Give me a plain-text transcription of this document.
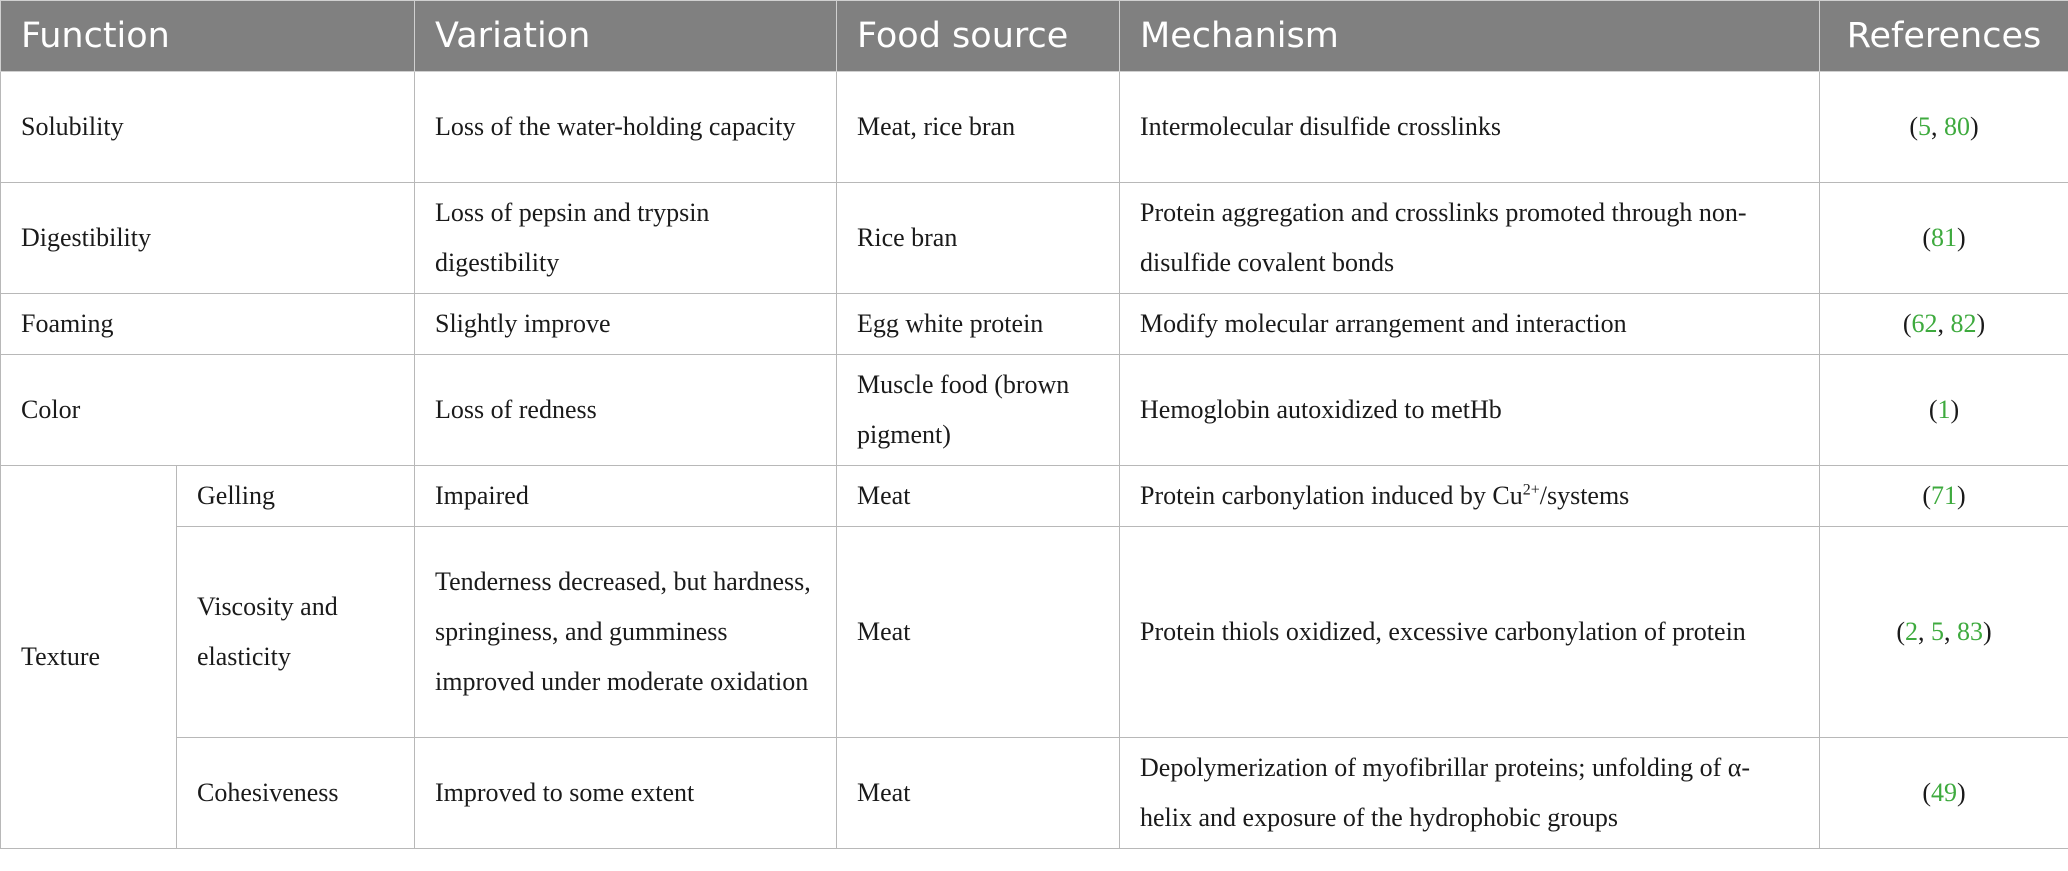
Function		Variation	Food source	Mechanism	References
Solubility		Loss of the water-holding capacity	Meat, rice bran	Intermolecular disulfide crosslinks	(5, 80)
Digestibility		Loss of pepsin and trypsin digestibility	Rice bran	Protein aggregation and crosslinks promoted through non-disulfide covalent bonds	(81)
Foaming		Slightly improve	Egg white protein	Modify molecular arrangement and interaction	(62, 82)
Color		Loss of redness	Muscle food (brown pigment)	Hemoglobin autoxidized to metHb	(1)
Texture	Gelling	Impaired	Meat	Protein carbonylation induced by $Cu^{2+}$/systems	(71)
	Viscosity and elasticity	Tenderness decreased, but hardness, springiness, and gumminess improved under moderate oxidation	Meat	Protein thiols oxidized, excessive carbonylation of protein	(2, 5, 83)
	Cohesiveness	Improved to some extent	Meat	Depolymerization of myofibrillar proteins; unfolding of α-helix and exposure of the hydrophobic groups	(49)
